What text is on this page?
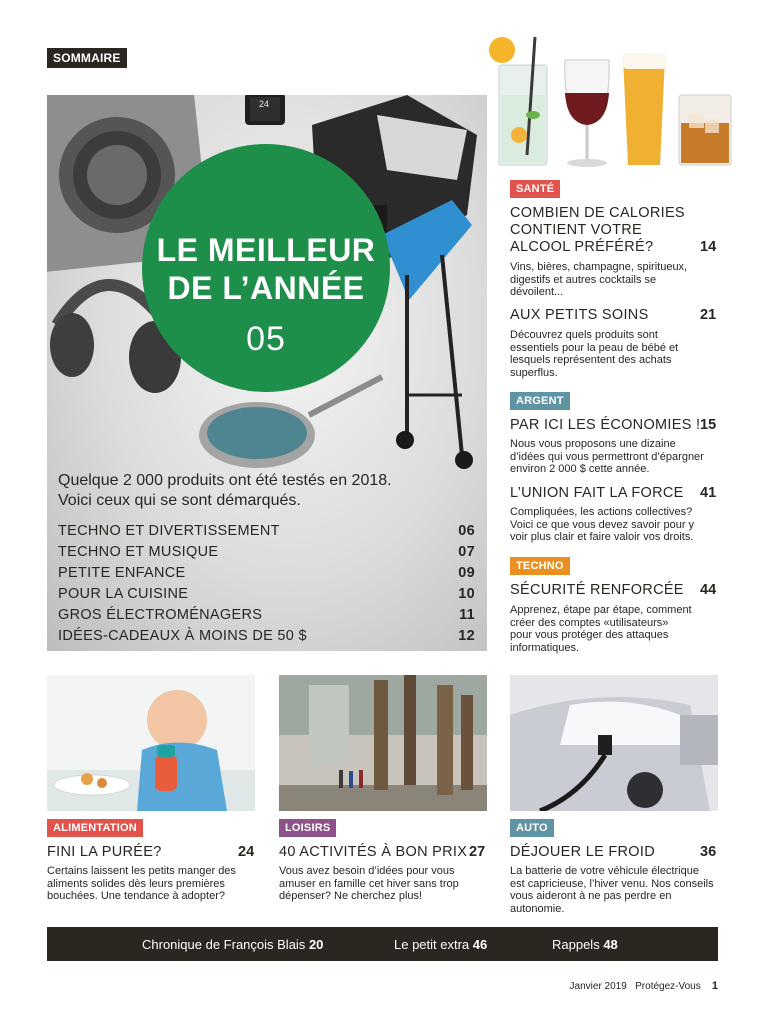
SOMMAIRE
24
LE MEILLEUR
DE L’ANNÉE
05
Quelque 2 000 produits ont été testés en 2018.
Voici ceux qui se sont démarqués.
TECHNO ET DIVERTISSEMENT	06
TECHNO ET MUSIQUE	07
PETITE ENFANCE	09
POUR LA CUISINE	10
GROS ÉLECTROMÉNAGERS	11
IDÉES-CADEAUX À MOINS DE 50 $	12
SANTÉ
COMBIEN DE CALORIES
CONTIENT VOTRE
ALCOOL PRÉFÉRÉ?	14
Vins, bières, champagne, spiritueux,
digestifs et autres cocktails se
dévoilent...
AUX PETITS SOINS	21
Découvrez quels produits sont
essentiels pour la peau de bébé et
lesquels représentent des achats
superflus.
ARGENT
PAR ICI LES ÉCONOMIES ! 15
Nous vous proposons une dizaine
d’idées qui vous permettront d’épargner
environ 2 000 $ cette année.
L’UNION FAIT LA FORCE 41
Compliquées, les actions collectives?
Voici ce que vous devez savoir pour y
voir plus clair et faire valoir vos droits.
TECHNO
SÉCURITÉ RENFORCÉE 44
Apprenez, étape par étape, comment
créer des comptes «utilisateurs»
pour vous protéger des attaques
informatiques.
ALIMENTATION
FINI LA PURÉE?	24
Certains laissent les petits manger des
aliments solides dès leurs premières
bouchées. Une tendance à adopter?
LOISIRS
40 ACTIVITÉS À BON PRIX 27
Vous avez besoin d’idées pour vous
amuser en famille cet hiver sans trop
dépenser? Ne cherchez plus!
AUTO
DÉJOUER LE FROID	36
La batterie de votre véhicule électrique
est capricieuse, l’hiver venu. Nos conseils
vous aideront à ne pas perdre en
autonomie.
Chronique de François Blais 20	Le petit extra 46	Rappels 48
Janvier 2019 Protégez-Vous 1
